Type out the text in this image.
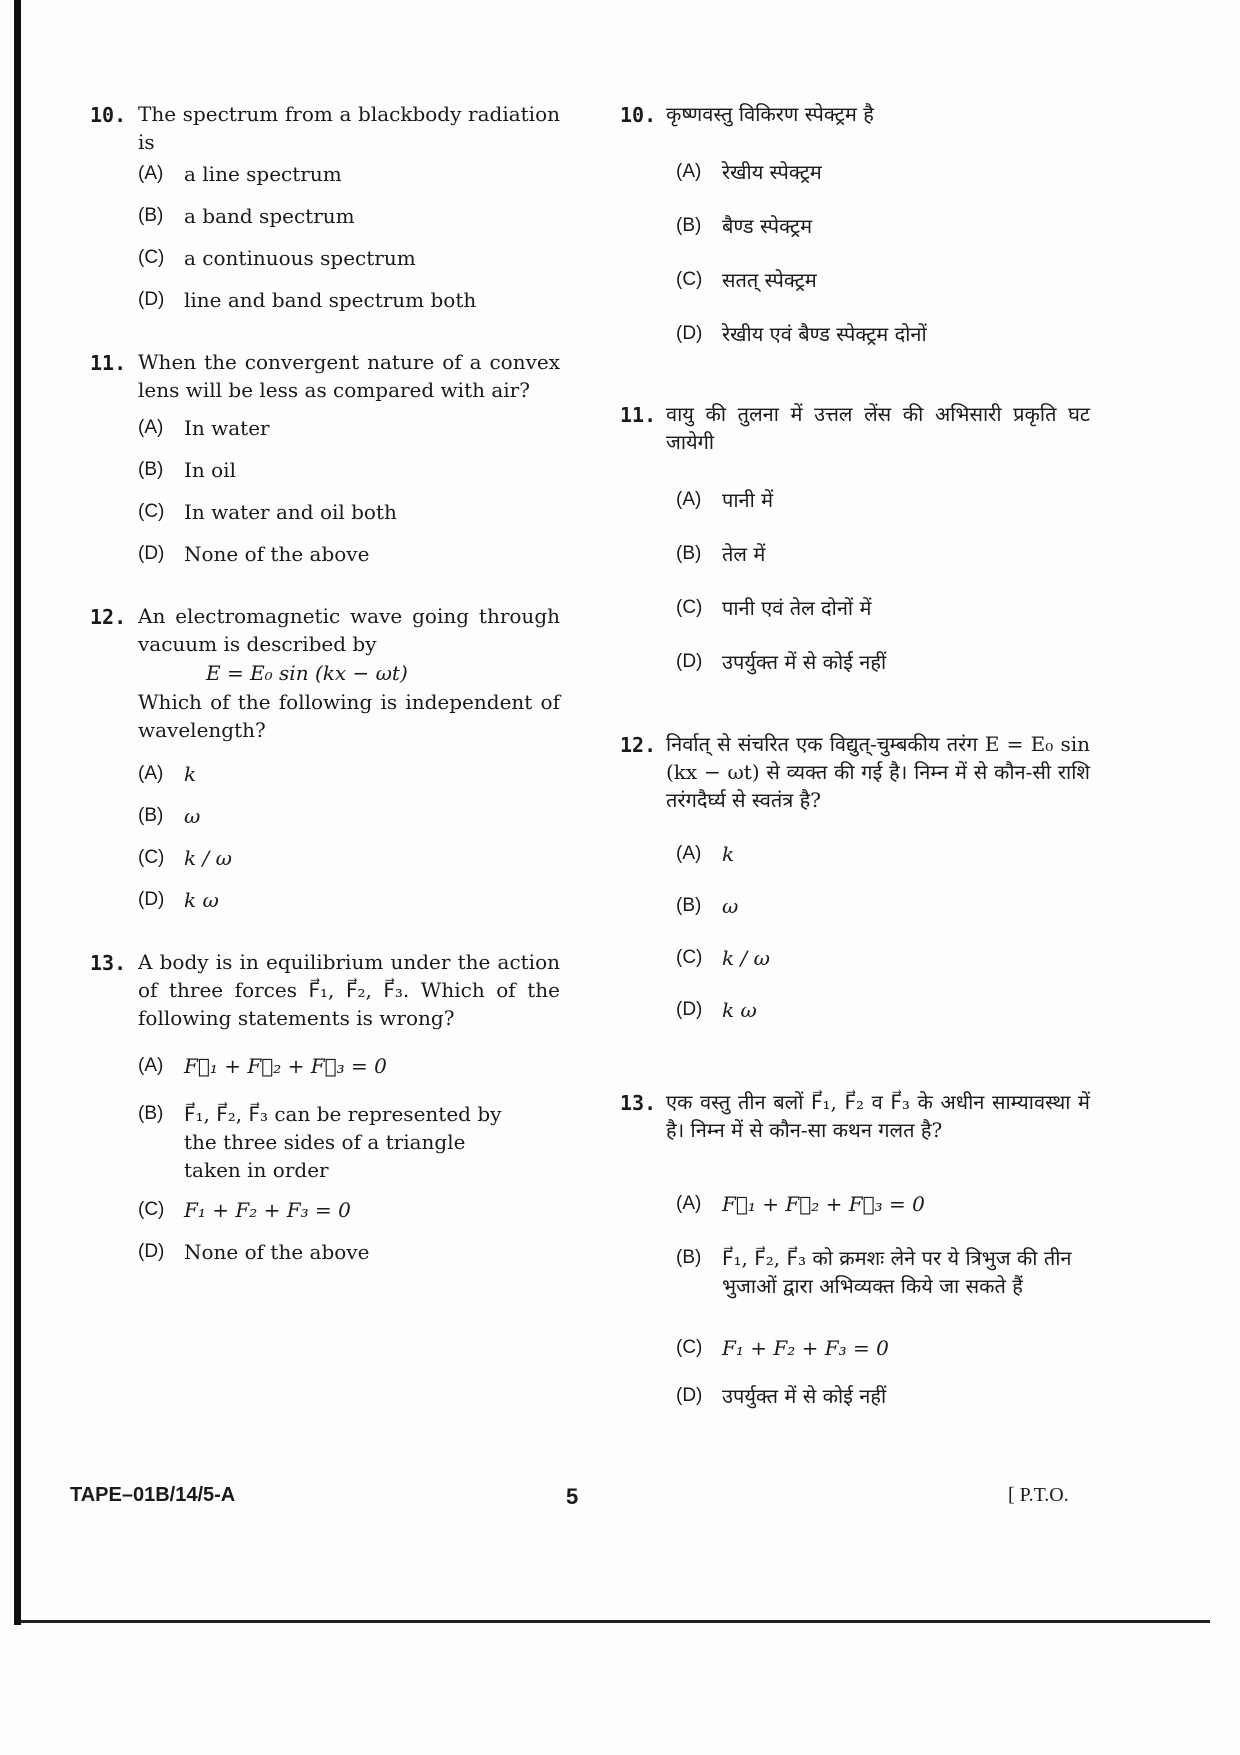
10. The spectrum from a blackbody radiation is
(A)	a line spectrum
(B)	a band spectrum
(C) a continuous spectrum
(D) line and band spectrum both
11. When the convergent nature of a convex lens will be less as compared with air?
(A)	In water
(B)	In oil
(C) In water and oil both
(D) None of the above
12. An electromagnetic wave going through vacuum is described by
E = E₀ sin (kx − ωt)
Which of the following is independent of wavelength?
(A)	k
(B)	ω
(C) k / ω
(D) k ω
13. A body is in equilibrium under the action of three forces F⃗₁, F⃗₂, F⃗₃. Which of the following statements is wrong?
(A)	F⃗₁ + F⃗₂ + F⃗₃ = 0
(B)	F⃗₁, F⃗₂, F⃗₃ can be represented by the three sides of a triangle taken in order
(C) F₁ + F₂ + F₃ = 0
(D) None of the above
10. कृष्णवस्तु विकिरण स्पेक्ट्रम है
(A)	रेखीय स्पेक्ट्रम
(B)	बैण्ड स्पेक्ट्रम
(C) सतत् स्पेक्ट्रम
(D) रेखीय एवं बैण्ड स्पेक्ट्रम दोनों
11. वायु की तुलना में उत्तल लेंस की अभिसारी प्रकृति घट जायेगी
(A)	पानी में
(B)	तेल में
(C) पानी एवं तेल दोनों में
(D) उपर्युक्त में से कोई नहीं
12. निर्वात् से संचरित एक विद्युत्-चुम्बकीय तरंग E = E₀ sin (kx − ωt) से व्यक्त की गई है। निम्न में से कौन-सी राशि तरंगदैर्घ्य से स्वतंत्र है?
(A)	k
(B)	ω
(C) k / ω
(D) k ω
13. एक वस्तु तीन बलों F⃗₁, F⃗₂ व F⃗₃ के अधीन साम्यावस्था में है। निम्न में से कौन-सा कथन गलत है?
(A)	F⃗₁ + F⃗₂ + F⃗₃ = 0
(B)	F⃗₁, F⃗₂, F⃗₃ को क्रमशः लेने पर ये त्रिभुज की तीन भुजाओं द्वारा अभिव्यक्त किये जा सकते हैं
(C) F₁ + F₂ + F₃ = 0
(D) उपर्युक्त में से कोई नहीं
TAPE–01B/14/5-A	5	[ P.T.O.
